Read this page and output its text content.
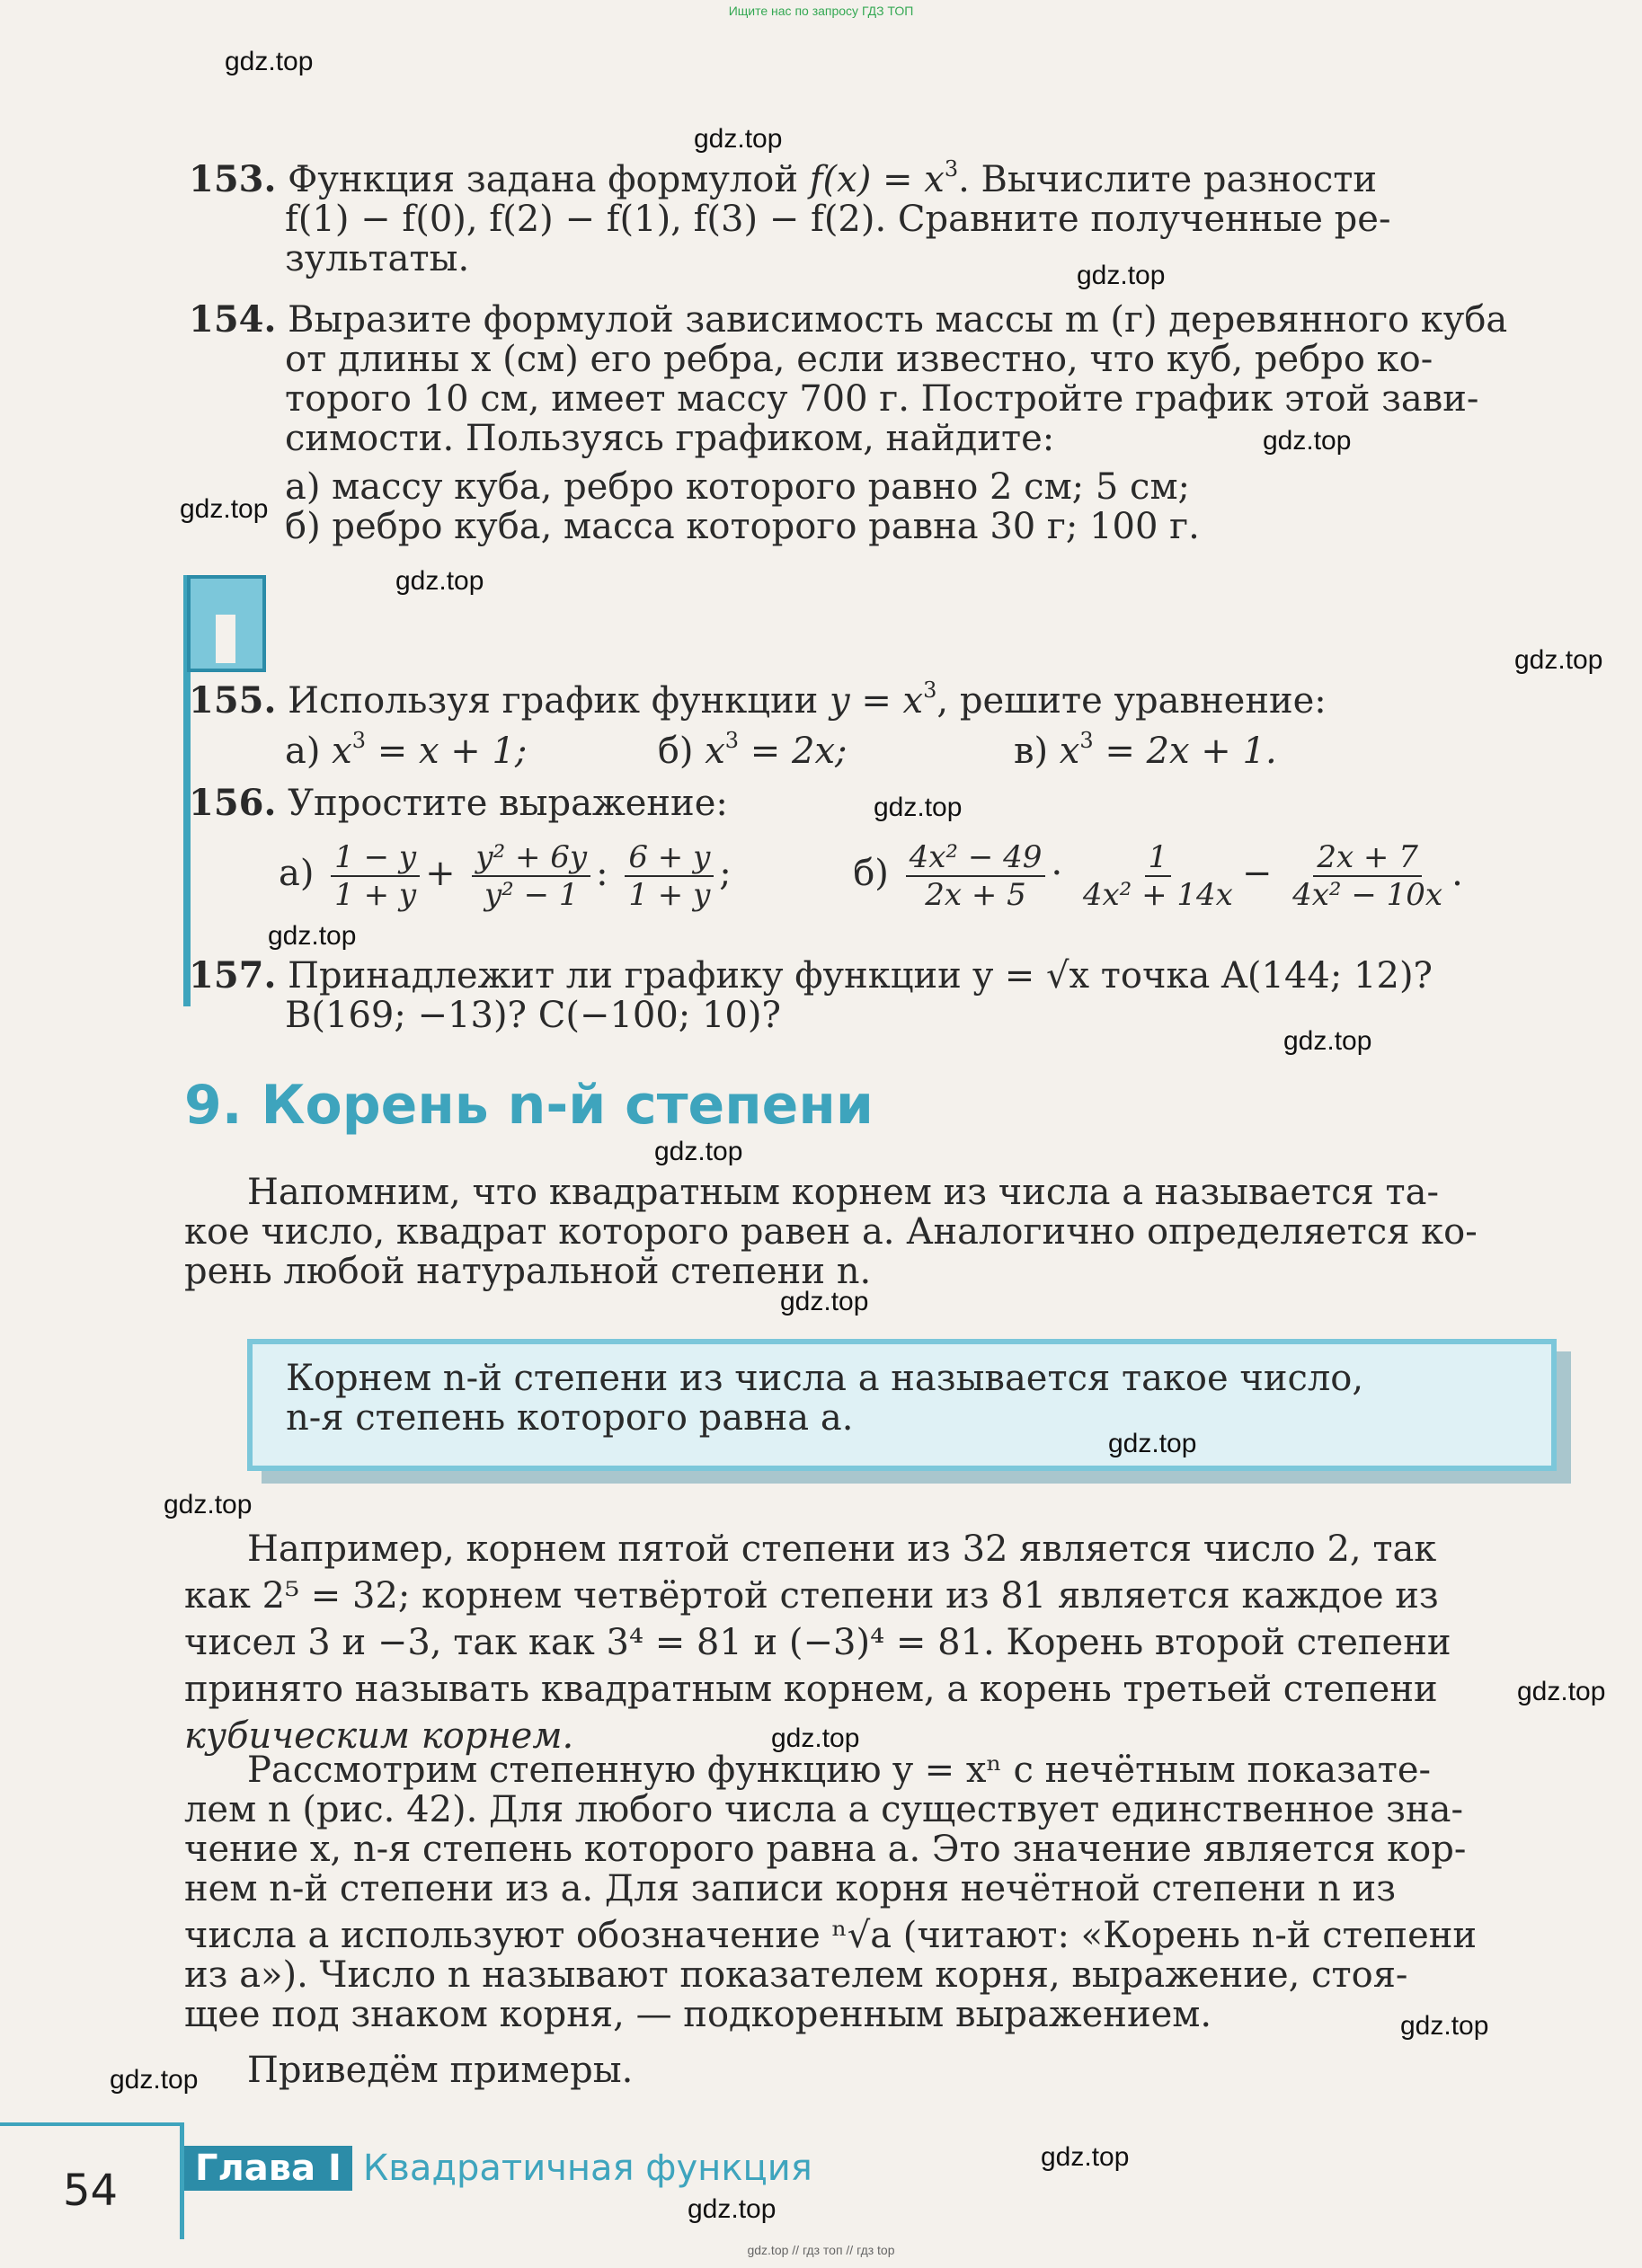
Ищите нас по запросу ГДЗ ТОП
153. Функция задана формулой $f(x) = x^3$. Вычислите разности
f(1) − f(0), f(2) − f(1), f(3) − f(2). Сравните полученные ре-
зультаты.
154. Выразите формулой зависимость массы m (г) деревянного куба
от длины x (см) его ребра, если известно, что куб, ребро ко-
торого 10 см, имеет массу 700 г. Постройте график этой зави-
симости. Пользуясь графиком, найдите:
а) массу куба, ребро которого равно 2 см; 5 см;
б) ребро куба, масса которого равна 30 г; 100 г.
155. Используя график функции $y = x^3$, решите уравнение:
а) $x^3 = x + 1$;	б) $x^3 = 2x$;	в) $x^3 = 2x + 1$.
156. Упростите выражение:
$а) \frac{1 - y}{1 + y} + \frac{\text{y² + 6y}}{\text{y² − 1}}$ : $\frac{6 + y}{1 + y}$ ;	$б) \frac{\text{4x² − 49}}{2x + 5} \cdot \frac{1}{\text{4x² + 14x}} - \frac{2x + 7}{\text{4x² − 10x}}$ .
157. Принадлежит ли графику функции y = √x точка A(144; 12)?
B(169; −13)? C(−100; 10)?
9. Корень n-й степени
Напомним, что квадратным корнем из числа a называется та-
кое число, квадрат которого равен a. Аналогично определяется ко-
рень любой натуральной степени n.
Корнем n-й степени из числа a называется такое число,
n-я степень которого равна a.
Например, корнем пятой степени из 32 является число 2, так
как 2⁵ = 32; корнем четвёртой степени из 81 является каждое из
чисел 3 и −3, так как 3⁴ = 81 и (−3)⁴ = 81. Корень второй степени
принято называть квадратным корнем, а корень третьей степени
кубическим корнем.
Рассмотрим степенную функцию y = xⁿ с нечётным показате-
лем n (рис. 42). Для любого числа a существует единственное зна-
чение x, n-я степень которого равна a. Это значение является кор-
нем n-й степени из a. Для записи корня нечётной степени n из
числа a используют обозначение ⁿ√a (читают: «Корень n-й степени
из a»). Число n называют показателем корня, выражение, стоя-
щее под знаком корня, — подкоренным выражением.
Приведём примеры.
54	Глава I Квадратичная функция
gdz.top
gdz.top
gdz.top
gdz.top
gdz.top
gdz.top
gdz.top
gdz.top
gdz.top
gdz.top
gdz.top
gdz.top
gdz.top
gdz.top
gdz.top
gdz.top
gdz.top
gdz.top
gdz.top
gdz.top
gdz.top // гдз топ // гдз top
